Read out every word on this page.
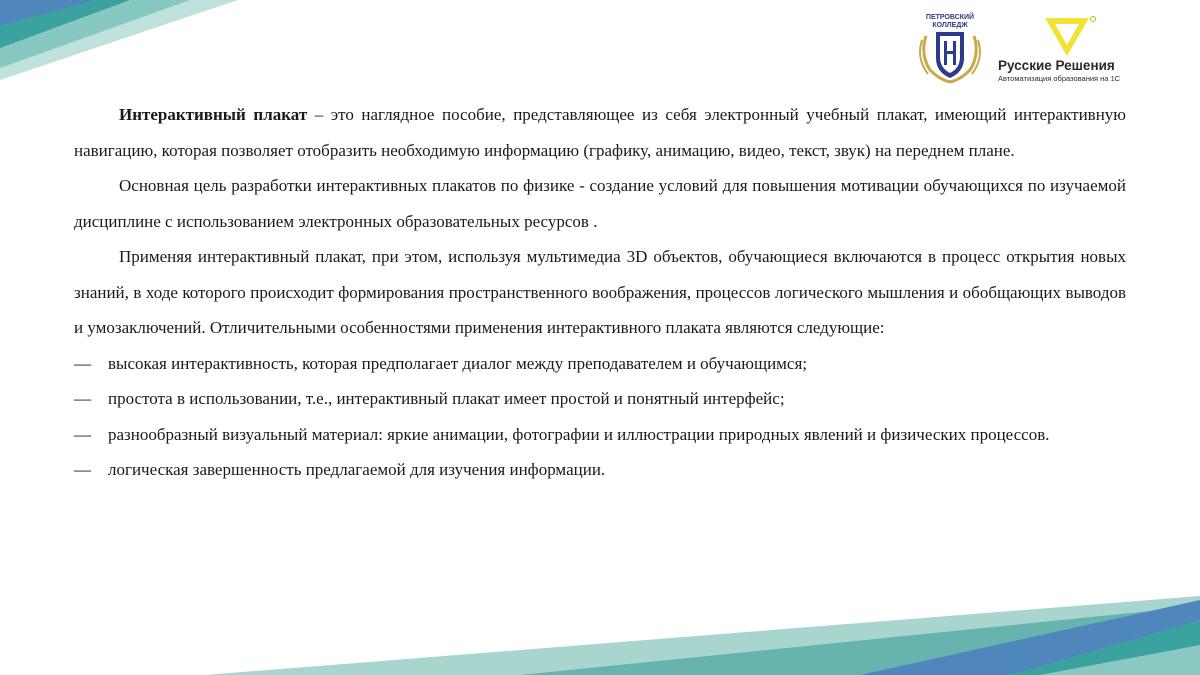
ПЕТРОВСКИЙ
КОЛЛЕДЖ
Русские Решения
Автоматизация образования на 1С

Интерактивный плакат – это наглядное пособие, представляющее из себя электронный учебный плакат, имеющий интерактивную навигацию, которая позволяет отобразить необходимую информацию (графику, анимацию, видео, текст, звук) на переднем плане.

Основная цель разработки интерактивных плакатов по физике - создание условий для повышения мотивации обучающихся по изучаемой дисциплине с использованием электронных образовательных ресурсов .

Применяя интерактивный плакат, при этом, используя мультимедиа 3D объектов, обучающиеся включаются в процесс открытия новых знаний, в ходе которого происходит формирования пространственного воображения, процессов логического мышления и обобщающих выводов и умозаключений. Отличительными особенностями применения интерактивного плаката являются следующие:

— высокая интерактивность, которая предполагает диалог между преподавателем и обучающимся;
— простота в использовании, т.е., интерактивный плакат имеет простой и понятный интерфейс;
— разнообразный визуальный материал: яркие анимации, фотографии и иллюстрации природных явлений и физических процессов.
— логическая завершенность предлагаемой для изучения информации.
